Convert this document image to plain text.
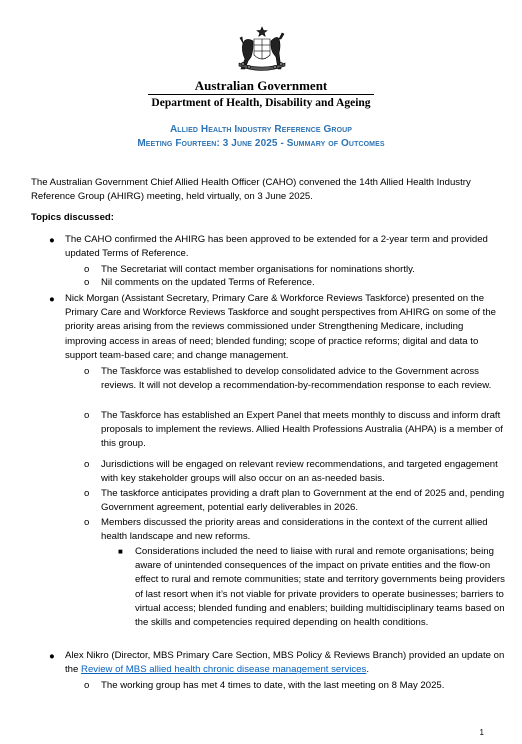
Australian Government
Department of Health, Disability and Ageing
Allied Health Industry Reference Group
Meeting Fourteen: 3 June 2025 - Summary of Outcomes
The Australian Government Chief Allied Health Officer (CAHO) convened the 14th Allied Health Industry Reference Group (AHIRG) meeting, held virtually, on 3 June 2025.
Topics discussed:
● The CAHO confirmed the AHIRG has been approved to be extended for a 2-year term and provided updated Terms of Reference.
o The Secretariat will contact member organisations for nominations shortly.
o Nil comments on the updated Terms of Reference.
● Nick Morgan (Assistant Secretary, Primary Care & Workforce Reviews Taskforce) presented on the Primary Care and Workforce Reviews Taskforce and sought perspectives from AHIRG on some of the priority areas arising from the reviews commissioned under Strengthening Medicare, including improving access in areas of need; blended funding; scope of practice reforms; digital and data to support team-based care; and change management.
o The Taskforce was established to develop consolidated advice to the Government across reviews. It will not develop a recommendation-by-recommendation response to each review.
o The Taskforce has established an Expert Panel that meets monthly to discuss and inform draft proposals to implement the reviews. Allied Health Professions Australia (AHPA) is a member of this group.
o Jurisdictions will be engaged on relevant review recommendations, and targeted engagement with key stakeholder groups will also occur on an as-needed basis.
o The taskforce anticipates providing a draft plan to Government at the end of 2025 and, pending Government agreement, potential early deliverables in 2026.
o Members discussed the priority areas and considerations in the context of the current allied health landscape and new reforms.
■ Considerations included the need to liaise with rural and remote organisations; being aware of unintended consequences of the impact on private entities and the flow-on effect to rural and remote communities; state and territory governments being providers of last resort when it’s not viable for private providers to operate businesses; barriers to virtual access; blended funding and enablers; building multidisciplinary teams based on the skills and competencies required depending on health conditions.
● Alex Nikro (Director, MBS Primary Care Section, MBS Policy & Reviews Branch) provided an update on the Review of MBS allied health chronic disease management services.
o The working group has met 4 times to date, with the last meeting on 8 May 2025.
1
